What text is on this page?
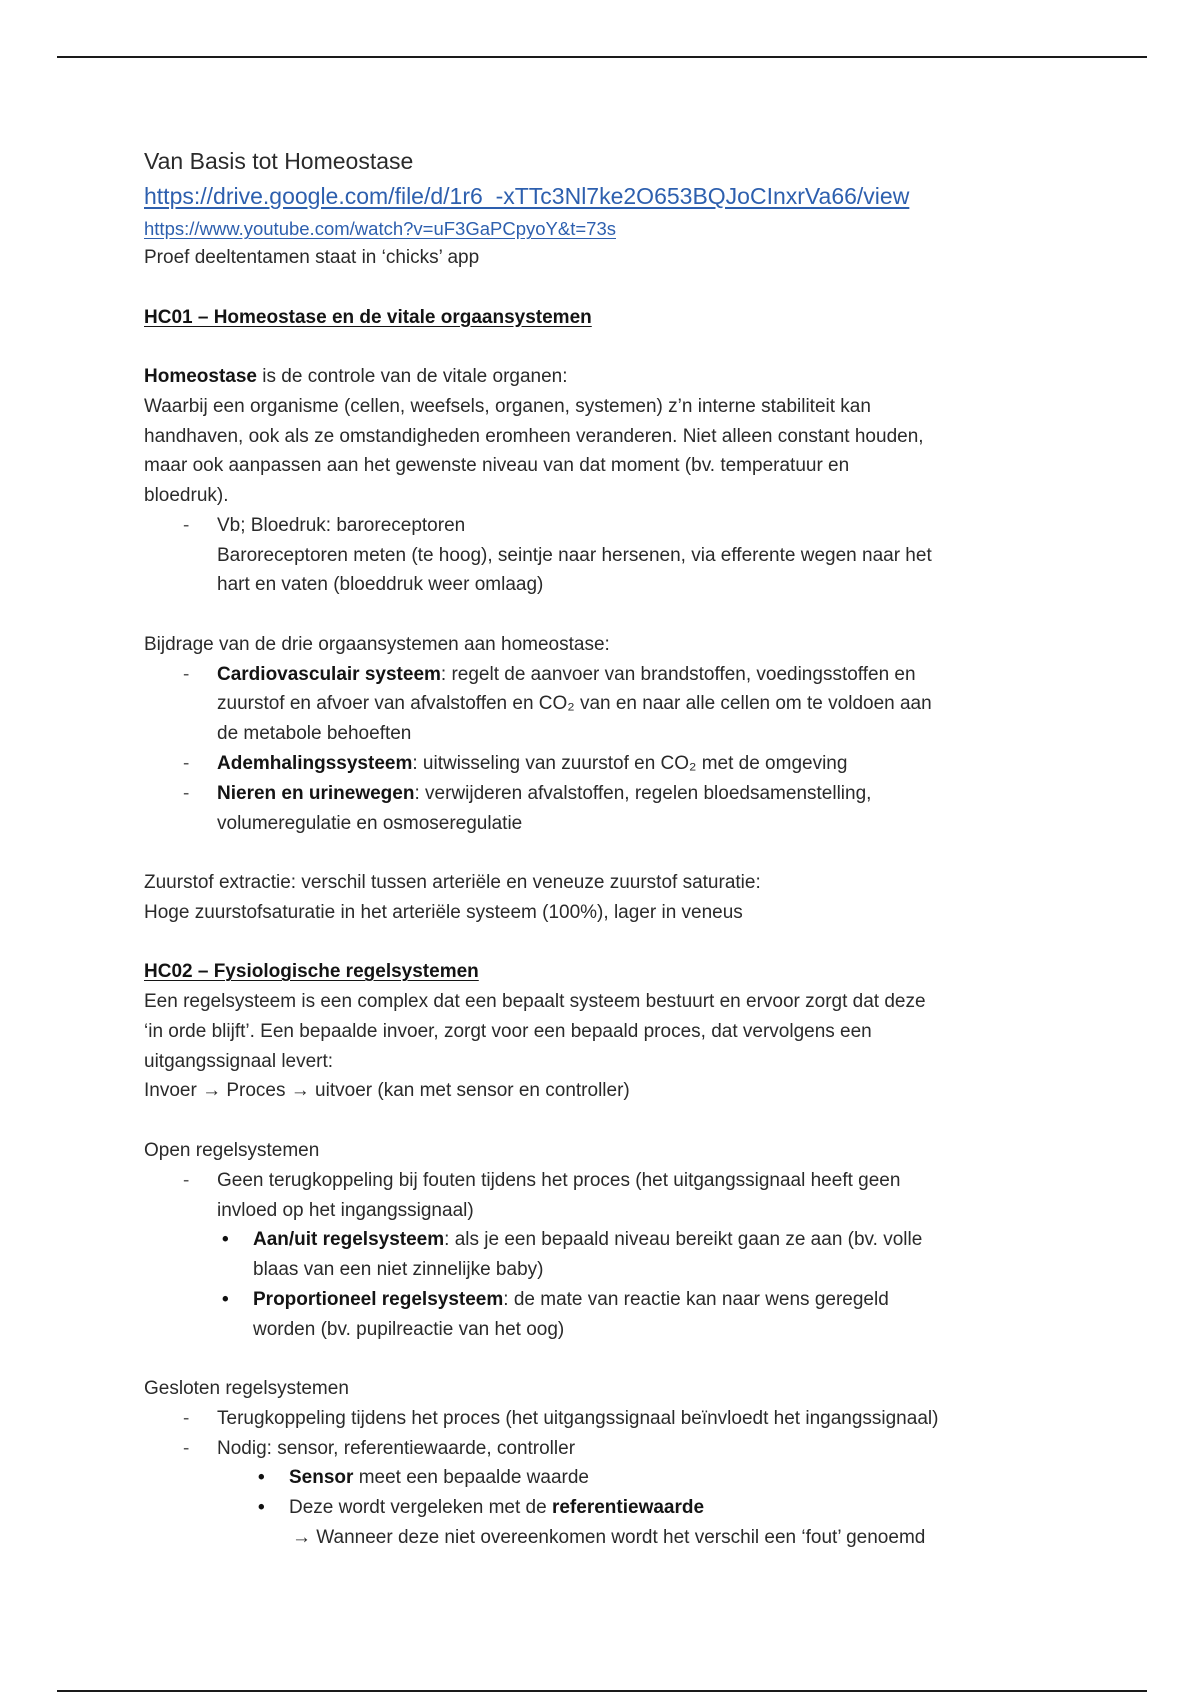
Van Basis tot Homeostase
https://drive.google.com/file/d/1r6_-xTTc3Nl7ke2O653BQJoCInxrVa66/view
https://www.youtube.com/watch?v=uF3GaPCpyoY&t=73s
Proef deeltentamen staat in ‘chicks’ app
HC01 – Homeostase en de vitale orgaansystemen
Homeostase is de controle van de vitale organen:
Waarbij een organisme (cellen, weefsels, organen, systemen) z’n interne stabiliteit kan
handhaven, ook als ze omstandigheden eromheen veranderen. Niet alleen constant houden,
maar ook aanpassen aan het gewenste niveau van dat moment (bv. temperatuur en
bloedruk).
- Vb; Bloedruk: baroreceptoren
Baroreceptoren meten (te hoog), seintje naar hersenen, via efferente wegen naar het
hart en vaten (bloeddruk weer omlaag)
Bijdrage van de drie orgaansystemen aan homeostase:
- Cardiovasculair systeem: regelt de aanvoer van brandstoffen, voedingsstoffen en
zuurstof en afvoer van afvalstoffen en CO₂ van en naar alle cellen om te voldoen aan
de metabole behoeften
- Ademhalingssysteem: uitwisseling van zuurstof en CO₂ met de omgeving
- Nieren en urinewegen: verwijderen afvalstoffen, regelen bloedsamenstelling,
volumeregulatie en osmoseregulatie
Zuurstof extractie: verschil tussen arteriële en veneuze zuurstof saturatie:
Hoge zuurstofsaturatie in het arteriële systeem (100%), lager in veneus
HC02 – Fysiologische regelsystemen
Een regelsysteem is een complex dat een bepaalt systeem bestuurt en ervoor zorgt dat deze
‘in orde blijft’. Een bepaalde invoer, zorgt voor een bepaald proces, dat vervolgens een
uitgangssignaal levert:
Invoer → Proces → uitvoer (kan met sensor en controller)
Open regelsystemen
- Geen terugkoppeling bij fouten tijdens het proces (het uitgangssignaal heeft geen
invloed op het ingangssignaal)
• Aan/uit regelsysteem: als je een bepaald niveau bereikt gaan ze aan (bv. volle
blaas van een niet zinnelijke baby)
• Proportioneel regelsysteem: de mate van reactie kan naar wens geregeld
worden (bv. pupilreactie van het oog)
Gesloten regelsystemen
- Terugkoppeling tijdens het proces (het uitgangssignaal beïnvloedt het ingangssignaal)
- Nodig: sensor, referentiewaarde, controller
• Sensor meet een bepaalde waarde
• Deze wordt vergeleken met de referentiewaarde
→ Wanneer deze niet overeenkomen wordt het verschil een ‘fout’ genoemd
